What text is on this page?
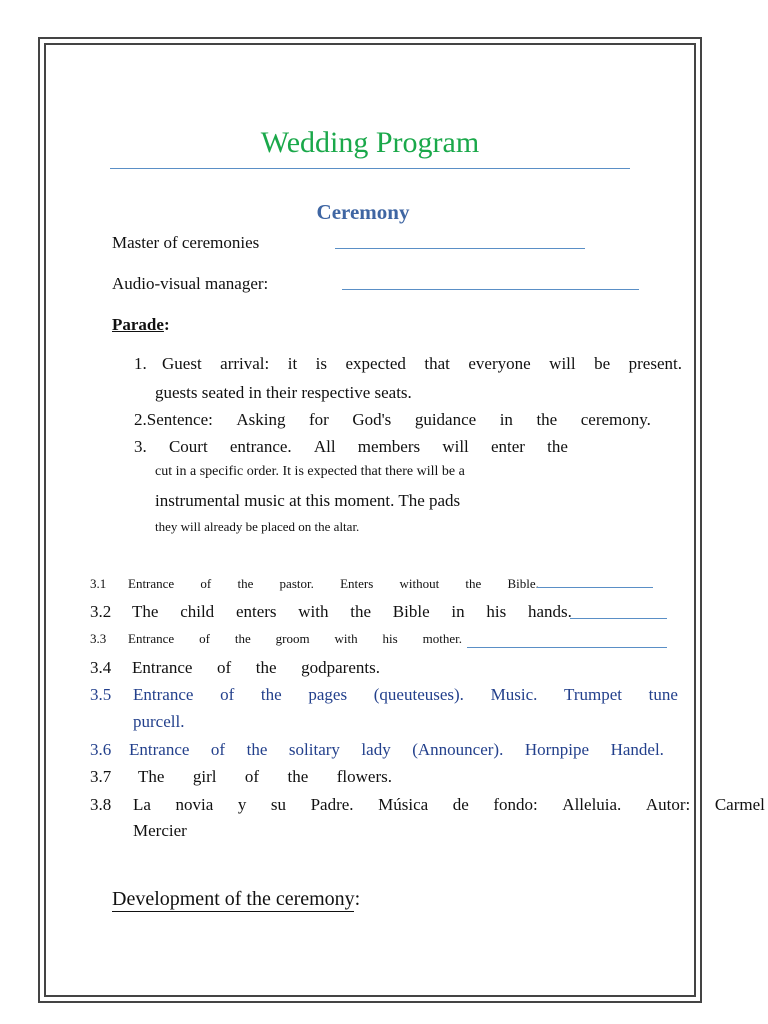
Wedding Program
Ceremony
Master of ceremonies
Audio-visual manager:
Parade:
1. Guest arrival: it is expected that everyone will be present.
guests seated in their respective seats.
2.Sentence: Asking for God's guidance in the ceremony.
3. Court entrance. All members will enter the
cut in a specific order. It is expected that there will be a
instrumental music at this moment. The pads
they will already be placed on the altar.
3.1 Entrance of the pastor. Enters without the Bible.
3.2 The child enters with the Bible in his hands.
3.3 Entrance of the groom with his mother.
3.4 Entrance of the godparents.
3.5 Entrance of the pages (queuteuses). Music. Trumpet tune
purcell.
3.6 Entrance of the solitary lady (Announcer). Hornpipe Handel.
3.7 The girl of the flowers.
3.8 La novia y su Padre. Música de fondo: Alleluia. Autor: Carmel
Mercier
Development of the ceremony:
